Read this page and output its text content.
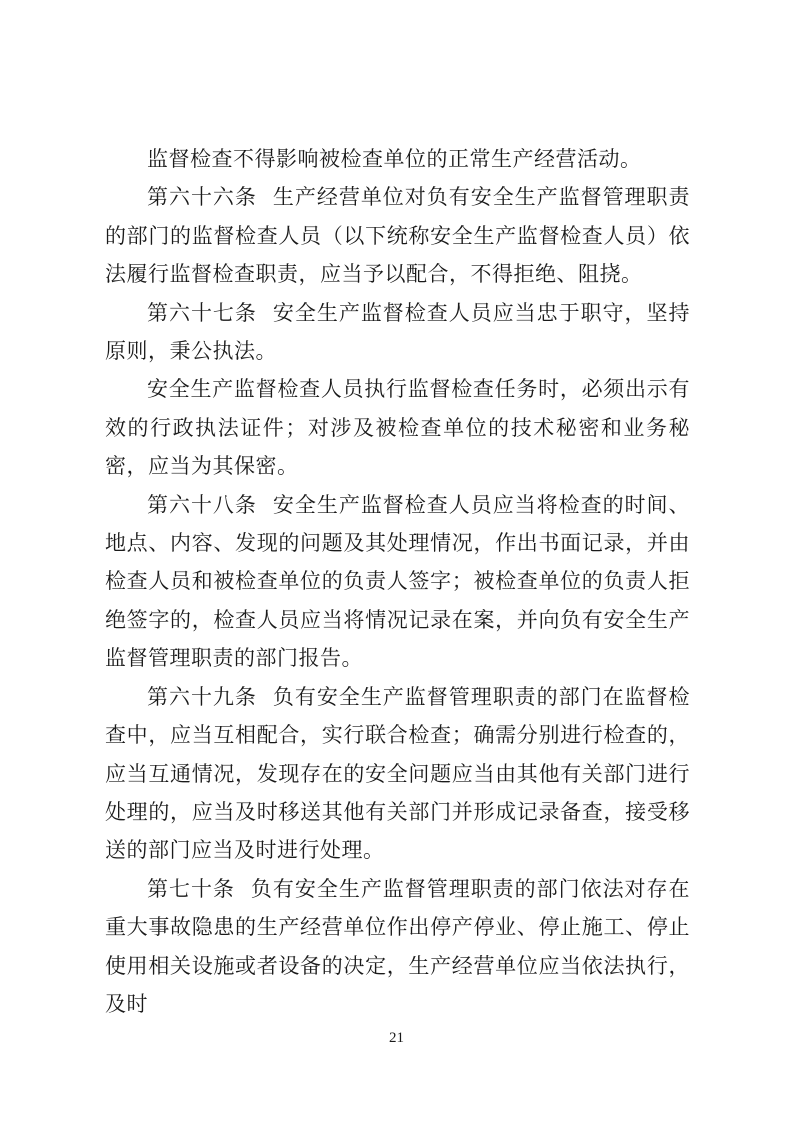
监督检查不得影响被检查单位的正常生产经营活动。

第六十六条 生产经营单位对负有安全生产监督管理职责的部门的监督检查人员（以下统称安全生产监督检查人员）依法履行监督检查职责，应当予以配合，不得拒绝、阻挠。

第六十七条 安全生产监督检查人员应当忠于职守，坚持原则，秉公执法。

安全生产监督检查人员执行监督检查任务时，必须出示有效的行政执法证件；对涉及被检查单位的技术秘密和业务秘密，应当为其保密。

第六十八条 安全生产监督检查人员应当将检查的时间、地点、内容、发现的问题及其处理情况，作出书面记录，并由检查人员和被检查单位的负责人签字；被检查单位的负责人拒绝签字的，检查人员应当将情况记录在案，并向负有安全生产监督管理职责的部门报告。

第六十九条 负有安全生产监督管理职责的部门在监督检查中，应当互相配合，实行联合检查；确需分别进行检查的，应当互通情况，发现存在的安全问题应当由其他有关部门进行处理的，应当及时移送其他有关部门并形成记录备查，接受移送的部门应当及时进行处理。

第七十条 负有安全生产监督管理职责的部门依法对存在重大事故隐患的生产经营单位作出停产停业、停止施工、停止使用相关设施或者设备的决定，生产经营单位应当依法执行，及时

21
